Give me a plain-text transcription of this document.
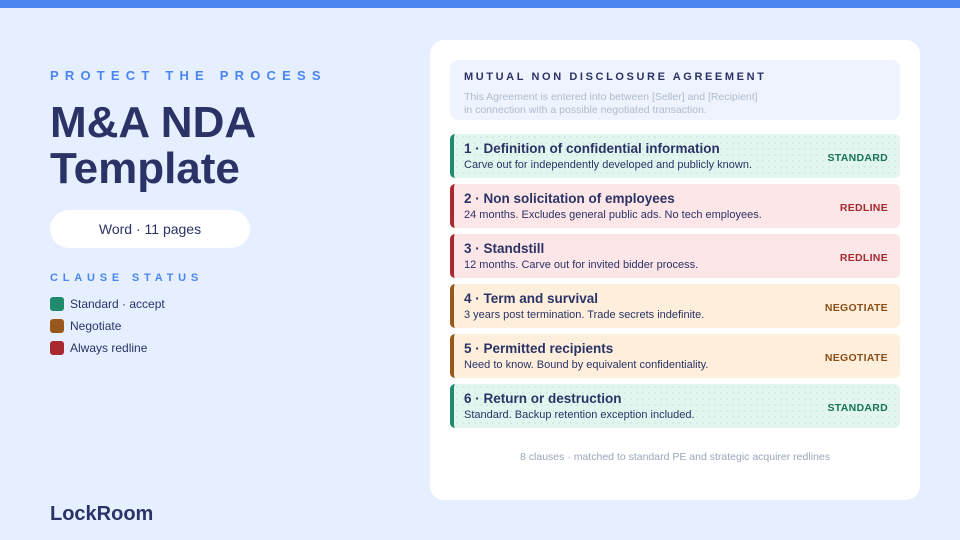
PROTECT THE PROCESS
M&A NDA Template
Word · 11 pages
CLAUSE STATUS
Standard · accept
Negotiate
Always redline
LockRoom
MUTUAL NON DISCLOSURE AGREEMENT
This Agreement is entered into between [Seller] and [Recipient]
in connection with a possible negotiated transaction.
1 · Definition of confidential information
Carve out for independently developed and publicly known.
STANDARD
2 · Non solicitation of employees
24 months. Excludes general public ads. No tech employees.
REDLINE
3 · Standstill
12 months. Carve out for invited bidder process.
REDLINE
4 · Term and survival
3 years post termination. Trade secrets indefinite.
NEGOTIATE
5 · Permitted recipients
Need to know. Bound by equivalent confidentiality.
NEGOTIATE
6 · Return or destruction
Standard. Backup retention exception included.
STANDARD
8 clauses · matched to standard PE and strategic acquirer redlines
